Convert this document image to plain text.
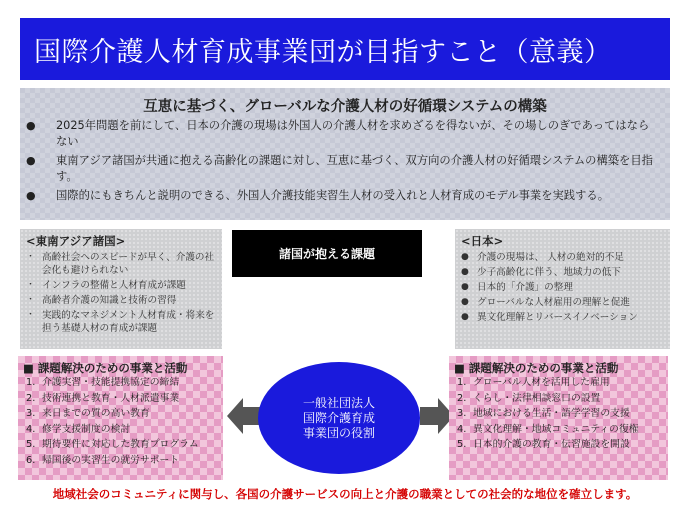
国際介護人材育成事業団が目指すこと（意義）
互恵に基づく、グローバルな介護人材の好循環システムの構築
●	2025年問題を前にして、日本の介護の現場は外国人の介護人材を求めざるを得ないが、その場しのぎであってはならない
●	東南アジア諸国が共通に抱える高齢化の課題に対し、互恵に基づく、双方向の介護人材の好循環システムの構築を目指す。
●	国際的にもきちんと説明のできる、外国人介護技能実習生人材の受入れと人材育成のモデル事業を実践する。
<東南アジア諸国>
・ 高齢社会へのスピードが早く、介護の社会化も避けられない
・ インフラの整備と人材育成が課題
・ 高齢者介護の知識と技術の習得
・ 実践的なマネジメント人材育成・将来を担う基礎人材の育成が課題
諸国が抱える課題
<日本>
● 介護の現場は、 人材の絶対的不足
● 少子高齢化に伴う、地域力の低下
● 日本的「介護」の整理
● グローバルな人材雇用の理解と促進
● 異文化理解とリバースイノベーション
■ 課題解決のための事業と活動
1. 介護実習・技能提携協定の締結
2. 技術連携と教育・人材派遣事業
3. 来日までの質の高い教育
4. 修学支援制度の検討
5. 期待要件に対応した教育プログラム
6. 帰国後の実習生の就労サポート
一般社団法人
国際介護育成
事業団の役割
■ 課題解決のための事業と活動
1. グローバル人材を活用した雇用
2. くらし・法律相談窓口の設置
3. 地域における生活・語学学習の支援
4. 異文化理解・地域コミュニティの復権
5. 日本的介護の教育・伝習施設を開設
地域社会のコミュニティに関与し、各国の介護サービスの向上と介護の職業としての社会的な地位を確立します。
